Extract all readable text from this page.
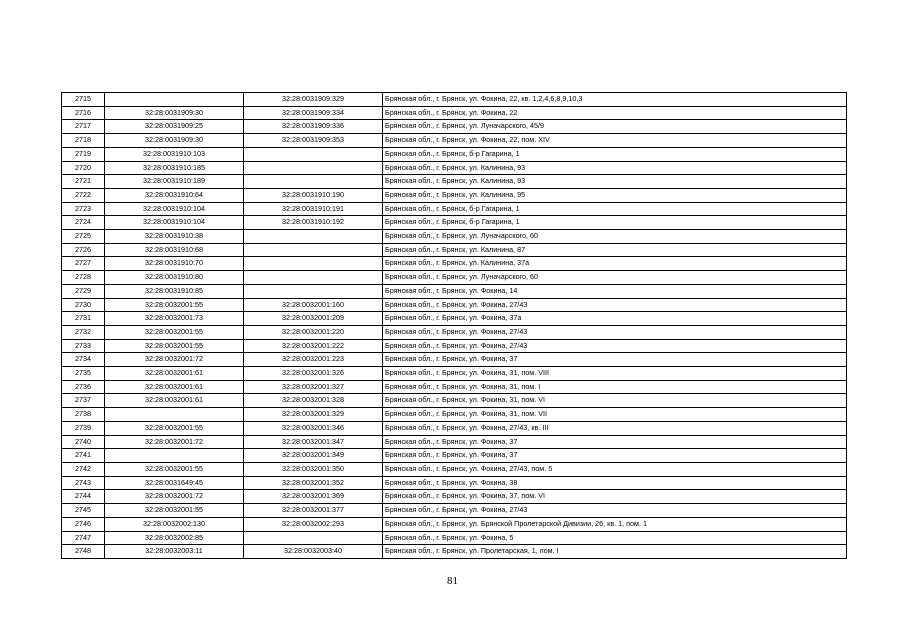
2715		32:28:0031909:329	Брянская обл., г. Брянск, ул. Фокина, 22, кв. 1,2,4,6,8,9,10,3
2716	32:28:0031909:30	32:28:0031909:334	Брянская обл., г. Брянск, ул. Фокина, 22
2717	32:28:0031909:25	32:28:0031909:336	Брянская обл., г. Брянск, ул. Луначарского, 45/9
2718	32:28:0031909:30	32:28:0031909:353	Брянская обл., г. Брянск, ул. Фокина, 22, пом. XIV
2719	32:28:0031910:103		Брянская обл., г. Брянск, б-р Гагарина, 1
2720	32:28:0031910:185		Брянская обл., г. Брянск, ул. Калинина, 93
2721	32:28:0031910:189		Брянская обл., г. Брянск, ул. Калинина, 93
2722	32:28:0031910:64	32:28:0031910:190	Брянская обл., г. Брянск, ул. Калинина, 95
2723	32:28:0031910:104	32:28:0031910:191	Брянская обл., г. Брянск, б-р Гагарина, 1
2724	32:28:0031910:104	32:28:0031910:192	Брянская обл., г. Брянск, б-р Гагарина, 1
2725	32:28:0031910:38		Брянская обл., г. Брянск, ул. Луначарского, 60
2726	32:28:0031910:68		Брянская обл., г. Брянск, ул. Калинина, 87
2727	32:28:0031910:70		Брянская обл., г. Брянск, ул. Калинина, 37а
2728	32:28:0031910:80		Брянская обл., г. Брянск, ул. Луначарского, 60
2729	32:28:0031910:85		Брянская обл., г. Брянск, ул. Фокина, 14
2730	32:28:0032001:55	32:28:0032001:160	Брянская обл., г. Брянск, ул. Фокина, 27/43
2731	32:28:0032001:73	32:28:0032001:209	Брянская обл., г. Брянск, ул. Фокина, 37а
2732	32:28:0032001:55	32:28:0032001:220	Брянская обл., г. Брянск, ул. Фокина, 27/43
2733	32:28:0032001:55	32:28:0032001:222	Брянская обл., г. Брянск, ул. Фокина, 27/43
2734	32:28:0032001:72	32:28:0032001:223	Брянская обл., г. Брянск, ул. Фокина, 37
2735	32:28:0032001:61	32:28:0032001:326	Брянская обл., г. Брянск, ул. Фокина, 31, пом. VIII
2736	32:28:0032001:61	32:28:0032001:327	Брянская обл., г. Брянск, ул. Фокина, 31, пом. I
2737	32:28:0032001:61	32:28:0032001:328	Брянская обл., г. Брянск, ул. Фокина, 31, пом. VI
2738		32:28:0032001:329	Брянская обл., г. Брянск, ул. Фокина, 31, пом. VII
2739	32:28:0032001:55	32:28:0032001:346	Брянская обл., г. Брянск, ул. Фокина, 27/43, кв. III
2740	32:28:0032001:72	32:28:0032001:347	Брянская обл., г. Брянск, ул. Фокина, 37
2741		32:28:0032001:349	Брянская обл., г. Брянск, ул. Фокина, 37
2742	32:28:0032001:55	32:28:0032001:350	Брянская обл., г. Брянск, ул. Фокина, 27/43, пом. 5
2743	32:28:0031649:45	32:28:0032001:352	Брянская обл., г. Брянск, ул. Фокина, 38
2744	32:28:0032001:72	32:28:0032001:369	Брянская обл., г. Брянск, ул. Фокина, 37, пом. VI
2745	32:28:0032001:55	32:28:0032001:377	Брянская обл., г. Брянск, ул. Фокина, 27/43
2746	32:28:0032002:130	32:28:0032002:293	Брянская обл., г. Брянск, ул. Брянской Пролетарской Дивизии, 26, кв. 1, пом. 1
2747	32:28:0032002:85		Брянская обл., г. Брянск, ул. Фокина, 5
2748	32:28:0032003:11	32:28:0032003:40	Брянская обл., г. Брянск, ул. Пролетарская, 1, пом. I
81
